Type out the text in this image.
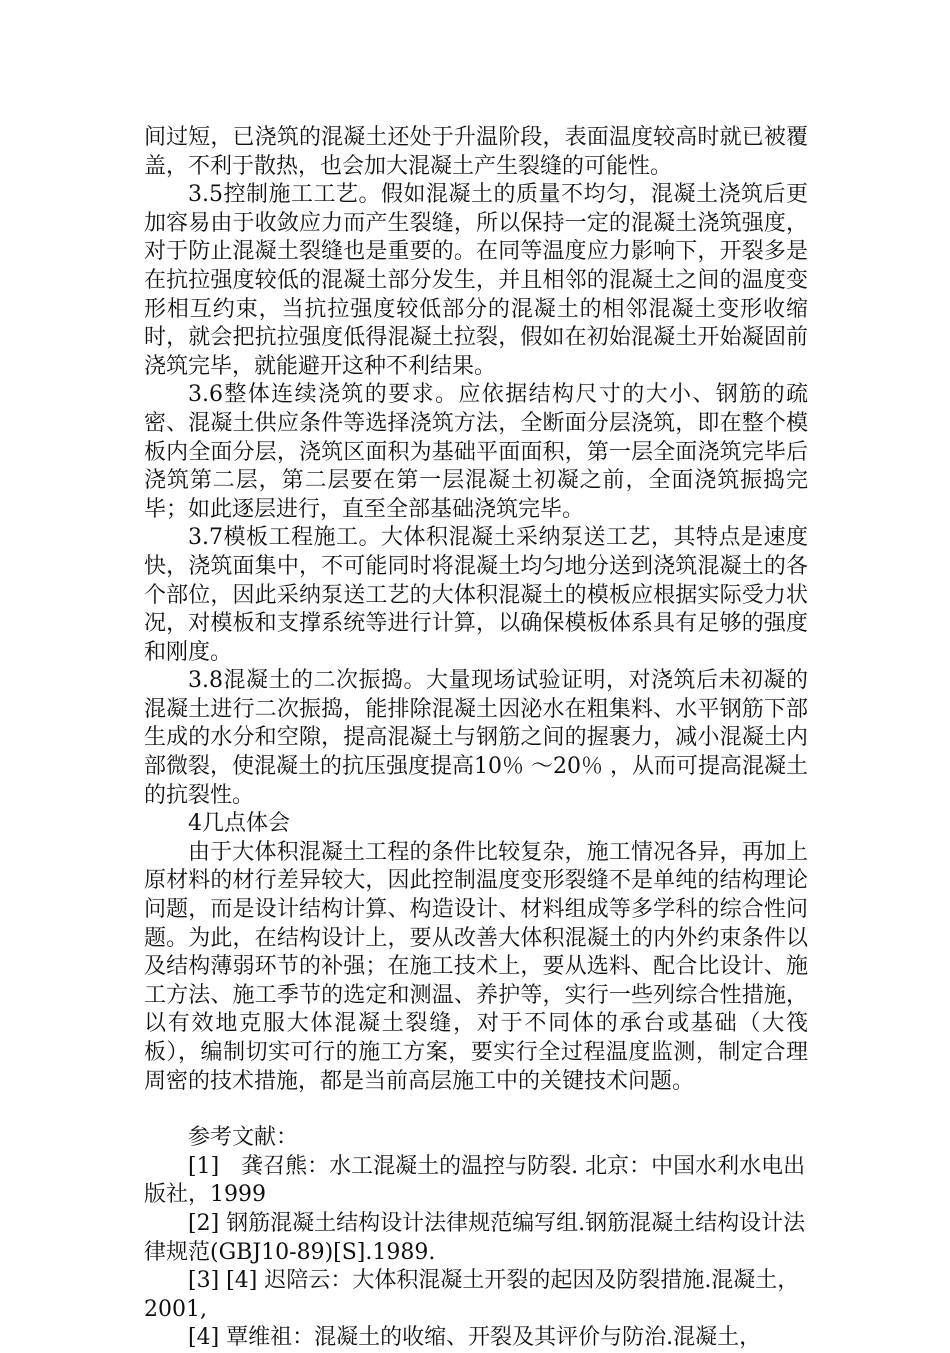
间过短，已浇筑的混凝土还处于升温阶段，表面温度较高时就已被覆盖，不利于散热，也会加大混凝土产生裂缝的可能性。

3.5控制施工工艺。假如混凝土的质量不均匀，混凝土浇筑后更加容易由于收敛应力而产生裂缝，所以保持一定的混凝土浇筑强度，对于防止混凝土裂缝也是重要的。在同等温度应力影响下，开裂多是在抗拉强度较低的混凝土部分发生，并且相邻的混凝土之间的温度变形相互约束，当抗拉强度较低部分的混凝土的相邻混凝土变形收缩时，就会把抗拉强度低得混凝土拉裂，假如在初始混凝土开始凝固前浇筑完毕，就能避开这种不利结果。

3.6整体连续浇筑的要求。应依据结构尺寸的大小、钢筋的疏密、混凝土供应条件等选择浇筑方法，全断面分层浇筑，即在整个模板内全面分层，浇筑区面积为基础平面面积，第一层全面浇筑完毕后浇筑第二层，第二层要在第一层混凝土初凝之前，全面浇筑振捣完毕；如此逐层进行，直至全部基础浇筑完毕。

3.7模板工程施工。大体积混凝土采纳泵送工艺，其特点是速度快，浇筑面集中，不可能同时将混凝土均匀地分送到浇筑混凝土的各个部位，因此采纳泵送工艺的大体积混凝土的模板应根据实际受力状况，对模板和支撑系统等进行计算，以确保模板体系具有足够的强度和刚度。

3.8混凝土的二次振捣。大量现场试验证明，对浇筑后未初凝的混凝土进行二次振捣，能排除混凝土因泌水在粗集料、水平钢筋下部生成的水分和空隙，提高混凝土与钢筋之间的握裹力，减小混凝土内部微裂，使混凝土的抗压强度提高10％ ～20％ ，从而可提高混凝土的抗裂性。

4几点体会

由于大体积混凝土工程的条件比较复杂，施工情况各异，再加上原材料的材行差异较大，因此控制温度变形裂缝不是单纯的结构理论问题，而是设计结构计算、构造设计、材料组成等多学科的综合性问题。为此，在结构设计上，要从改善大体积混凝土的内外约束条件以及结构薄弱环节的补强；在施工技术上，要从选料、配合比设计、施工方法、施工季节的选定和测温、养护等，实行一些列综合性措施，以有效地克服大体混凝土裂缝，对于不同体的承台或基础（大筏板），编制切实可行的施工方案，要实行全过程温度监测，制定合理周密的技术措施，都是当前高层施工中的关键技术问题。

参考文献：

[1]　龚召熊：水工混凝土的温控与防裂. 北京：中国水利水电出版社，1999

[2] 钢筋混凝土结构设计法律规范编写组.钢筋混凝土结构设计法律规范(GBJ10-89)[S].1989.

[3] [4] 迟陪云：大体积混凝土开裂的起因及防裂措施.混凝土，2001,

[4] 覃维祖：混凝土的收缩、开裂及其评价与防治.混凝土，
